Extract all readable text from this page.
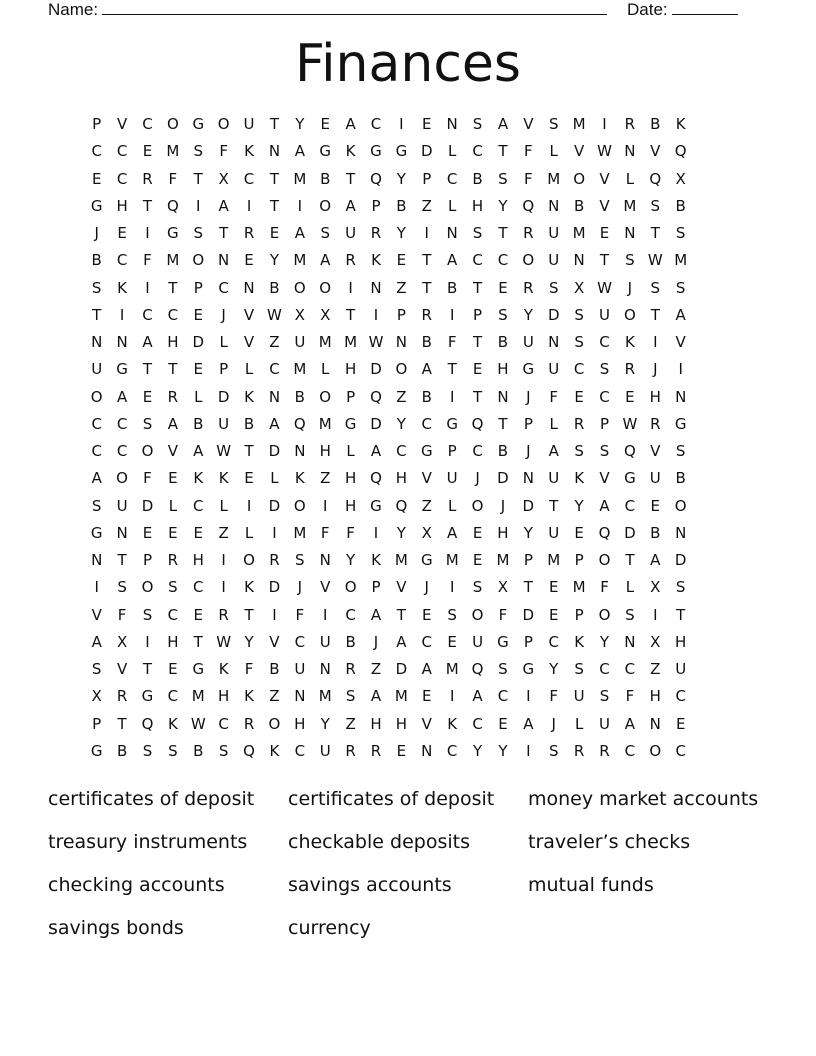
Name:	Date:
Finances
P	V	C O G O U	T	Y	E	A	C	I	E	N	S	A	V	S M	I	R	B	K
C C	E M S	F	K N A G K G G D	L	C	T	F	L	V W N V Q
E	C R	F	T	X	C	T M B	T Q Y	P	C	B	S	F M O V	L	Q X
G H	T Q	I	A	I	T	I	O A	P	B	Z	L	H	Y Q N B	V M S	B
J	E	I	G S	T	R	E	A	S	U R	Y	I	N	S	T	R U M E	N	T	S
B	C	F M O N	E	Y M A	R	K	E	T	A	C C O U N	T	S W M
S	K	I	T	P	C N B O O	I	N Z	T	B	T	E	R	S	X W	J	S	S
T	I	C C	E	J	V W X	X	T	I	P	R	I	P	S	Y	D S	U O T	A
N N A H D	L	V	Z U M M W N B	F	T	B U N	S	C	K	I	V
U G	T	T	E	P	L	C M L	H D O A	T	E	H G U C	S	R	J	I
O A	E	R	L	D K N B O P Q Z	B	I	T	N	J	F	E	C	E	H N
C C	S	A	B U B	A Q M G D	Y	C G Q T	P	L	R	P W R G
C C O V	A W T	D N H	L	A	C G	P	C	B	J	A	S	S Q V	S
A O	F	E	K	K	E	L	K	Z H Q H V U	J	D N U K	V G U B
S	U D	L	C	L	I	D O	I	H G Q Z	L	O	J	D	T	Y	A	C	E O
G N	E	E	E	Z	L	I	M F	F	I	Y	X	A	E	H	Y	U	E Q D B N
N	T	P	R H	I	O R	S	N	Y	K M G M E M P M P O T	A D
I	S O S	C	I	K D	J	V O P	V	J	I	S	X	T	E M F	L	X	S
V	F	S	C	E	R	T	I	F	I	C	A	T	E	S O	F	D E	P O S	I	T
A	X	I	H	T W Y	V	C U B	J	A	C	E	U G	P	C	K	Y	N X H
S	V	T	E G K	F	B U N R	Z D A M Q S G	Y	S	C C	Z U
X	R G C M H K	Z N M S	A M E	I	A	C	I	F	U	S	F	H C
P	T Q K W C R O H	Y	Z H H V	K	C	E	A	J	L	U A N	E
G B	S	S	B	S Q K	C U R R	E	N C	Y	Y	I	S	R R C O C
certificates of deposit	certificates of deposit	money market accounts
treasury instruments	checkable deposits	traveler’s checks
checking accounts	savings accounts	mutual funds
savings bonds	currency
